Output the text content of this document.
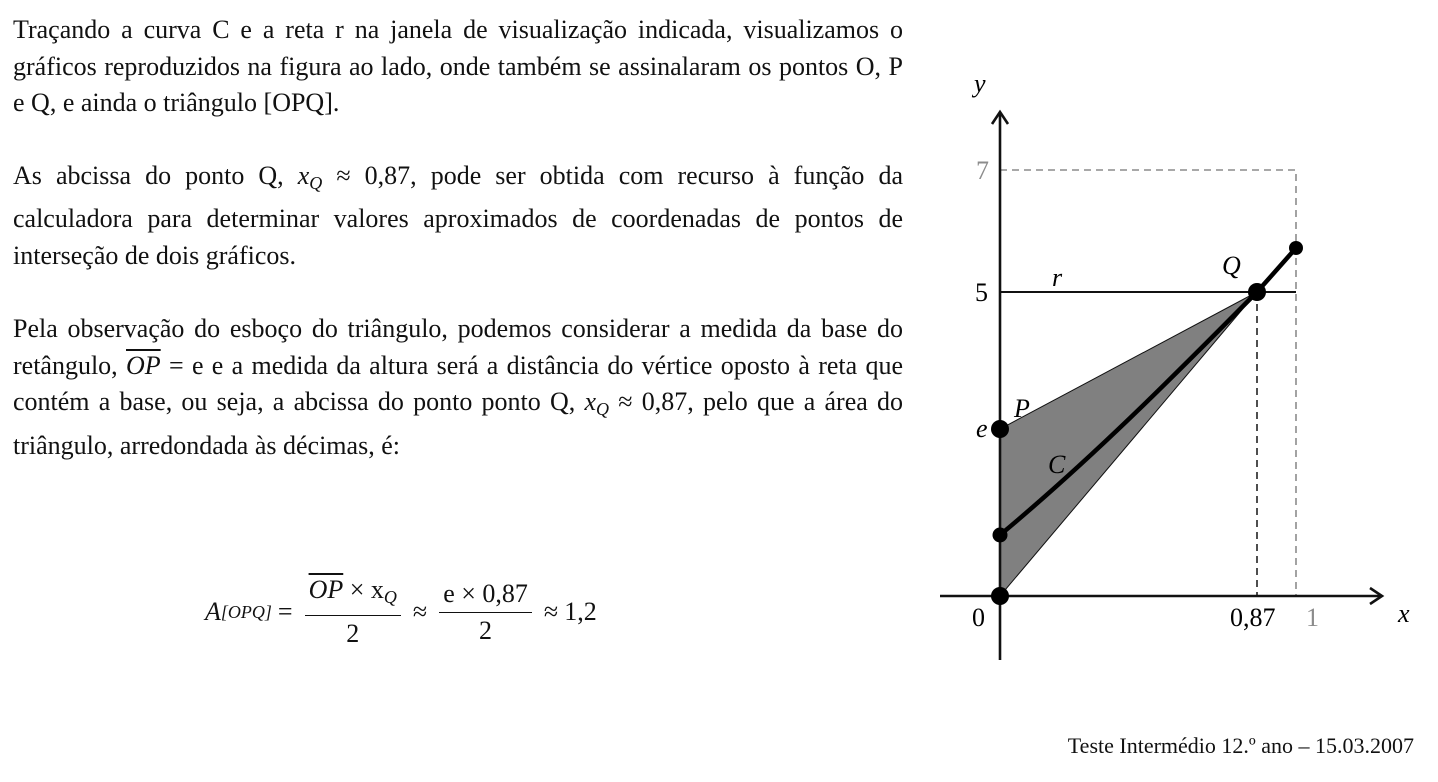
Traçando a curva C e a reta r na janela de visualização indicada, visualizamos o gráficos reproduzidos na figura ao lado, onde também se assinalaram os pontos O, P e Q, e ainda o triângulo [OPQ].

As abcissa do ponto Q, $x_Q \approx 0,87$, pode ser obtida com recurso à função da calculadora para determinar valores aproximados de coordenadas de pontos de interseção de dois gráficos.

Pela observação do esboço do triângulo, podemos considerar a medida da base do retângulo, $\overline{OP} = e$ e a medida da altura será a distância do vértice oposto à reta que contém a base, ou seja, a abcissa do ponto ponto Q, $x_Q \approx 0,87$, pelo que a área do triângulo, arredondada às décimas, é:

A $[OPQ] = \frac{\overline{OP} \times x_Q}{2} \approx \frac{e \times 0,87}{2} \approx 1,2$
y
x
7
5
e
0	0,87 1
r	Q
P
C
Teste Intermédio 12.º ano – 15.03.2007
